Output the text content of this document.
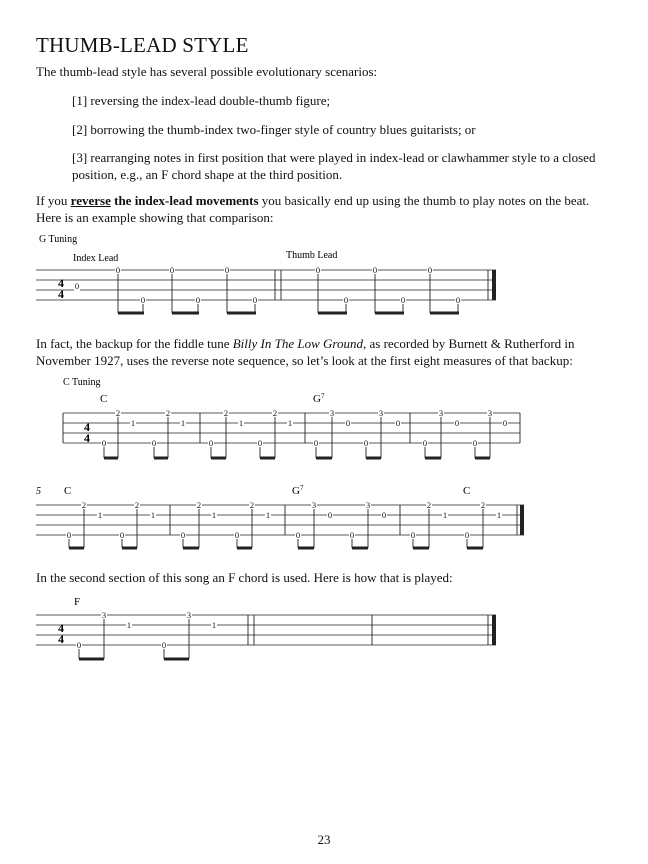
THUMB-LEAD STYLE
The thumb-lead style has several possible evolutionary scenarios:
[1] reversing the index-lead double-thumb figure;
[2] borrowing the thumb-index two-finger style of country blues guitarists; or
[3] rearranging notes in first position that were played in index-lead or clawhammer style to a closed position, e.g., an F chord shape at the third position.
If you reverse the index-lead movements you basically end up using the thumb to play notes on the beat. Here is an example showing that comparison:
G Tuning
Index Lead	Thumb Lead
4
4
0
0
0
0
0
0
0
0
0
0
0
0
0
In fact, the backup for the fiddle tune Billy In The Low Ground, as recorded by Burnett & Rutherford in November 1927, uses the reverse note sequence, so let’s look at the first eight measures of that backup:
C Tuning
C	$G^7$
4
4 0
2
1
0
2
1
0
2
1
0
2
1
0
3
0
0
3
0
0
3
0
0
3
0
5 C	$G^7$	C
0
2
1
0
2
1
0
2
1
0
2
1
0
3
0
0
3
0
0
2
1
0
2
1
In the second section of this song an F chord is used. Here is how that is played:
F
4
4 0
3
1
0
3
1
23
